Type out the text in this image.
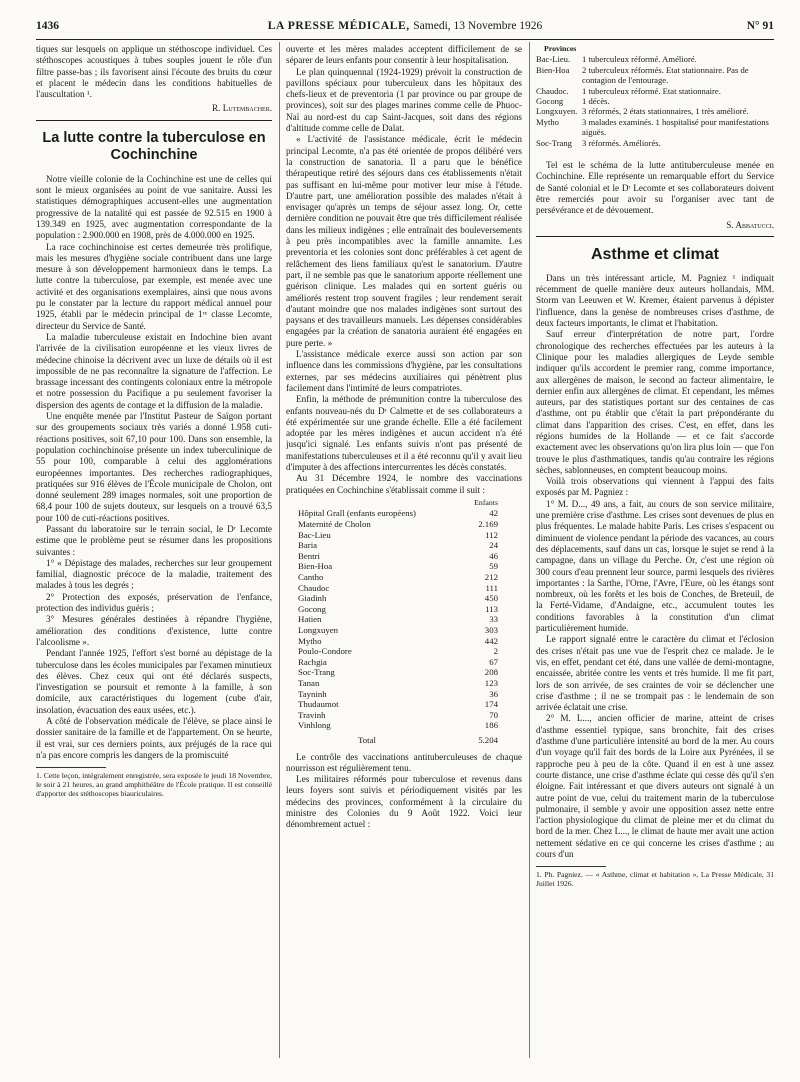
1436	LA PRESSE MÉDICALE, Samedi, 13 Novembre 1926	N° 91

tiques sur lesquels on applique un stéthoscope individuel. Ces stéthoscopes acoustiques à tubes souples jouent le rôle d'un filtre passe-bas ; ils favorisent ainsi l'écoute des bruits du cœur et placent le médecin dans les conditions habituelles de l'auscultation ¹.

R. Lutembacher.

La lutte contre la tuberculose en Cochinchine

Notre vieille colonie de la Cochinchine est une de celles qui sont le mieux organisées au point de vue sanitaire. Aussi les statistiques démographiques accusent-elles une augmentation progressive de la natalité qui est passée de 92.515 en 1900 à 139.349 en 1925, avec augmentation correspondante de la population : 2.900.000 en 1908, près de 4.000.000 en 1925.

La race cochinchinoise est certes demeurée très prolifique, mais les mesures d'hygiène sociale contribuent dans une large mesure à son développement harmonieux dans le temps. La lutte contre la tuberculose, par exemple, est menée avec une activité et des organisations exemplaires, ainsi que nous avons pu le constater par la lecture du rapport médical annuel pour 1925, établi par le médecin principal de 1ʳᵉ classe Lecomte, directeur du Service de Santé.

La maladie tuberculeuse existait en Indochine bien avant l'arrivée de la civilisation européenne et les vieux livres de médecine chinoise la décrivent avec un luxe de détails où il est impossible de ne pas reconnaître la signature de l'affection. Le brassage incessant des contingents coloniaux entre la métropole et notre possession du Pacifique a pu seulement favoriser la dispersion des agents de contage et la diffusion de la maladie.

Une enquête menée par l'Institut Pasteur de Saïgon portant sur des groupements sociaux très variés a donné 1.958 cuti-réactions positives, soit 67,10 pour 100. Dans son ensemble, la population cochinchinoise présente un index tuberculinique de 55 pour 100, comparable à celui des agglomérations européennes importantes. Des recherches radiographiques, pratiquées sur 916 élèves de l'École municipale de Cholon, ont donné seulement 289 images normales, soit une proportion de 68,4 pour 100 de sujets douteux, sur lesquels on a trouvé 63,5 pour 100 de cuti-réactions positives.

Passant du laboratoire sur le terrain social, le Dʳ Lecomte estime que le problème peut se résumer dans les propositions suivantes :

1° « Dépistage des malades, recherches sur leur groupement familial, diagnostic précoce de la maladie, traitement des malades à tous les degrés ;

2° Protection des exposés, préservation de l'enfance, protection des individus guéris ;

3° Mesures générales destinées à répandre l'hygiène, amélioration des conditions d'existence, lutte contre l'alcoolisme ».

Pendant l'année 1925, l'effort s'est borné au dépistage de la tuberculose dans les écoles municipales par l'examen minutieux des élèves. Chez ceux qui ont été déclarés suspects, l'investigation se poursuit et remonte à la famille, à son domicile, aux caractéristiques du logement (cube d'air, insolation, évacuation des eaux usées, etc.).

A côté de l'observation médicale de l'élève, se place ainsi le dossier sanitaire de la famille et de l'appartement. On se heurte, il est vrai, sur ces derniers points, aux préjugés de la race qui n'a pas encore compris les dangers de la promiscuité

1. Cette leçon, intégralement enregistrée, sera exposée le jeudi 18 Novembre, le soir à 21 heures, au grand amphithéâtre de l'École pratique. Il est conseillé d'apporter des stéthoscopes biauriculaires.

ouverte et les mères malades acceptent difficilement de se séparer de leurs enfants pour consentir à leur hospitalisation.

Le plan quinquennal (1924-1929) prévoit la construction de pavillons spéciaux pour tuberculeux dans les hôpitaux des chefs-lieux et de preventoria (1 par province ou par groupe de provinces), soit sur des plages marines comme celle de Phuoc-Naï au nord-est du cap Saint-Jacques, soit dans des régions d'altitude comme celle de Dalat.

« L'activité de l'assistance médicale, écrit le médecin principal Lecomte, n'a pas été orientée de propos délibéré vers la construction de sanatoria. Il a paru que le bénéfice thérapeutique retiré des séjours dans ces établissements n'était pas suffisant en lui-même pour motiver leur mise à l'étude. D'autre part, une amélioration possible des malades n'était à envisager qu'après un temps de séjour assez long. Or, cette dernière condition ne pouvait être que très difficilement réalisée dans les milieux indigènes ; elle entraînait des bouleversements à peu près incompatibles avec la famille annamite. Les preventoria et les colonies sont donc préférables à cet agent de relâchement des liens familiaux qu'est le sanatorium. D'autre part, il ne semble pas que le sanatorium apporte réellement une guérison clinique. Les malades qui en sortent guéris ou améliorés restent trop souvent fragiles ; leur rendement serait d'autant moindre que nos malades indigènes sont surtout des paysans et des travailleurs manuels. Les dépenses considérables engagées par la création de sanatoria auraient été engagées en pure perte. »

L'assistance médicale exerce aussi son action par son influence dans les commissions d'hygiène, par les consultations externes, par ses médecins auxiliaires qui pénètrent plus facilement dans l'intimité de leurs compatriotes.

Enfin, la méthode de prémunition contre la tuberculose des enfants nouveau-nés du Dʳ Calmette et de ses collaborateurs a été expérimentée sur une grande échelle. Elle a été facilement adoptée par les mères indigènes et aucun accident n'a été jusqu'ici signalé. Les enfants suivis n'ont pas présenté de manifestations tuberculeuses et il a été reconnu qu'il y avait lieu d'imputer à des affections intercurrentes les décès constatés.

Au 31 Décembre 1924, le nombre des vaccinations pratiquées en Cochinchine s'établissait comme il suit :

	Enfants
Hôpital Grall (enfants européens)	42
Maternité de Cholon	2.169
Bac-Lieu	112
Baria	24
Bentri	46
Bien-Hoa	59
Cantho	212
Chaudoc	111
Giadinh	450
Gocong	113
Hatien	33
Longxuyen	303
Mytho	442
Poulo-Condore	2
Rachgia	67
Soc-Trang	208
Tanan	123
Tayninh	36
Thudaumot	174
Travinh	70
Vinhlong	186
Total	5.204

Le contrôle des vaccinations antituberculeuses de chaque nourrisson est régulièrement tenu.

Les militaires réformés pour tuberculose et revenus dans leurs foyers sont suivis et périodiquement visités par les médecins des provinces, conformément à la circulaire du ministre des Colonies du 9 Août 1922. Voici leur dénombrement actuel :

Provinces	
Bac-Lieu.	1 tuberculeux réformé. Amélioré.
Bien-Hoa	2 tuberculeux réformés. Etat stationnaire. Pas de contagion de l'entourage.
Chaudoc.	1 tuberculeux réformé. Etat stationnaire.
Gocong	1 décès.
Longxuyen.	3 réformés, 2 états stationnaires, 1 très amélioré.
Mytho	3 malades examinés. 1 hospitalisé pour manifestations aiguës.
Soc-Trang	3 réformés. Améliorés.

Tel est le schéma de la lutte antituberculeuse menée en Cochinchine. Elle représente un remarquable effort du Service de Santé colonial et le Dʳ Lecomte et ses collaborateurs doivent être remerciés pour avoir su l'organiser avec tant de persévérance et de dévouement.

S. Abbatucci.

Asthme et climat

Dans un très intéressant article, M. Pagniez ¹ indiquait récemment de quelle manière deux auteurs hollandais, MM. Storm van Leeuwen et W. Kremer, étaient parvenus à dépister l'influence, dans la genèse de nombreuses crises d'asthme, de deux facteurs importants, le climat et l'habitation.

Sauf erreur d'interprétation de notre part, l'ordre chronologique des recherches effectuées par les auteurs à la Clinique pour les maladies allergiques de Leyde semble indiquer qu'ils accordent le premier rang, comme importance, aux allergènes de maison, le second au facteur alimentaire, le dernier enfin aux allergènes de climat. Et cependant, les mêmes auteurs, par des statistiques portant sur des centaines de cas d'asthme, ont pu établir que c'était la part prépondérante du climat dans l'apparition des crises. C'est, en effet, dans les régions humides de la Hollande — et ce fait s'accorde exactement avec les observations qu'on lira plus loin — que l'on trouve le plus d'asthmatiques, tandis qu'au contraire les régions sèches, sablonneuses, en comptent beaucoup moins.

Voilà trois observations qui viennent à l'appui des faits exposés par M. Pagniez :

1° M. D..., 49 ans, a fait, au cours de son service militaire, une première crise d'asthme. Les crises sont devenues de plus en plus fréquentes. Le malade habite Paris. Les crises s'espacent ou diminuent de violence pendant la période des vacances, au cours des déplacements, sauf dans un cas, lorsque le sujet se rend à la campagne, dans un village du Perche. Or, c'est une région où 300 cours d'eau prennent leur source, parmi lesquels des rivières importantes : la Sarthe, l'Orne, l'Avre, l'Eure, où les étangs sont nombreux, où les forêts et les bois de Conches, de Breteuil, de la Ferté-Vidame, d'Andaigne, etc., accumulent toutes les conditions favorables à la constitution d'un climat particulièrement humide.

Le rapport signalé entre le caractère du climat et l'éclosion des crises n'était pas une vue de l'esprit chez ce malade. Je le vis, en effet, pendant cet été, dans une vallée de demi-montagne, encaissée, abritée contre les vents et très humide. Il me fit part, lors de son arrivée, de ses craintes de voir se déclencher une crise d'asthme ; il ne se trompait pas : le lendemain de son arrivée éclatait une crise.

2° M. L..., ancien officier de marine, atteint de crises d'asthme essentiel typique, sans bronchite, fait des crises d'asthme d'une particulière intensité au bord de la mer. Au cours d'un voyage qu'il fait des bords de la Loire aux Pyrénées, il se rapproche peu à peu de la côte. Quand il en est à une assez courte distance, une crise d'asthme éclate qui cesse dès qu'il s'en éloigne. Fait intéressant et que divers auteurs ont signalé à un autre point de vue, celui du traitement marin de la tuberculose pulmonaire, il semble y avoir une opposition assez nette entre l'action physiologique du climat de pleine mer et du climat du bord de la mer. Chez L..., le climat de haute mer avait une action nettement sédative en ce qui concerne les crises d'asthme ; au cours d'un

1. Ph. Pagniez. — « Asthme, climat et habitation », La Presse Médicale, 31 Juillet 1926.
